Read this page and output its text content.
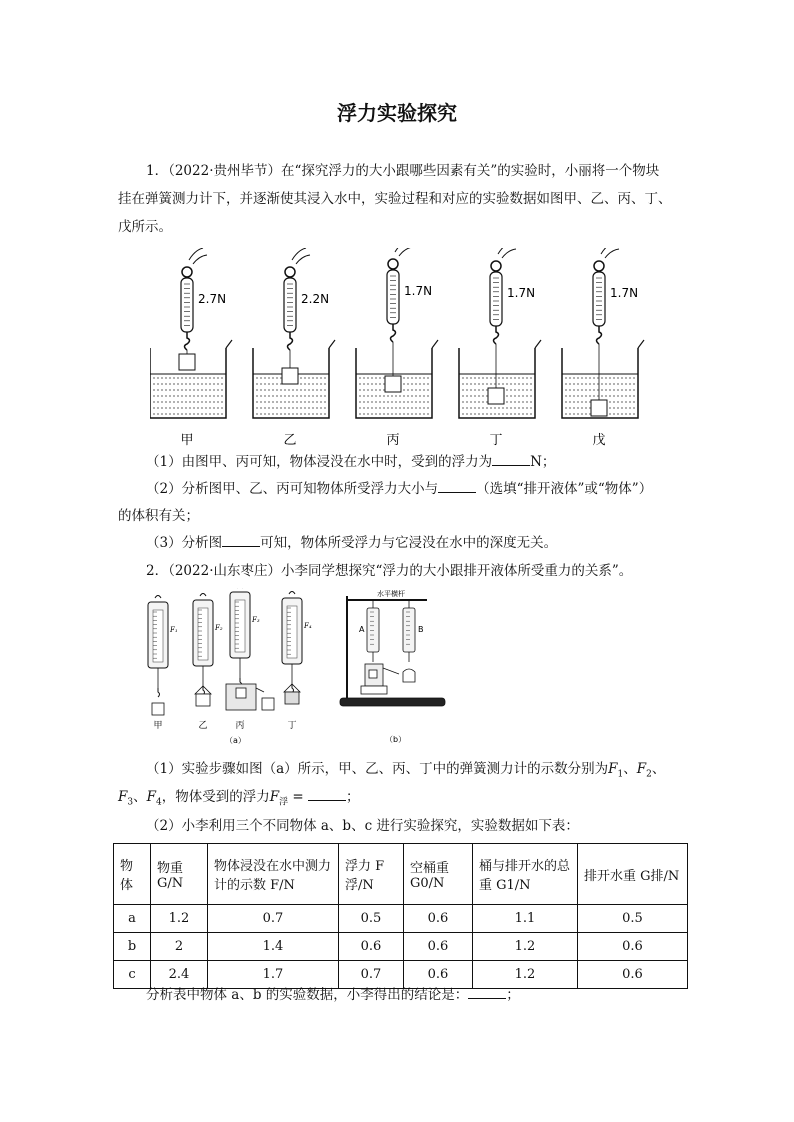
浮力实验探究
1．（2022·贵州毕节）在“探究浮力的大小跟哪些因素有关”的实验时，小丽将一个物块
挂在弹簧测力计下，并逐渐使其浸入水中，实验过程和对应的实验数据如图甲、乙、丙、丁、
戊所示。
2.7N
甲
2.2N
乙
1.7N
丙
1.7N
丁
1.7N
戊
（1）由图甲、丙可知，物体浸没在水中时，受到的浮力为	N；
（2）分析图甲、乙、丙可知物体所受浮力大小与	（选填“排开液体”或“物体”）
的体积有关；
（3）分析图	可知，物体所受浮力与它浸没在水中的深度无关。
2．（2022·山东枣庄）小李同学想探究“浮力的大小跟排开液体所受重力的关系”。
F₁
甲
F₂
乙
F₃
丙
F₄
丁
（a）
水平横杆
A	B
（b）
（1）实验步骤如图（a）所示，甲、乙、丙、丁中的弹簧测力计的示数分别为$F_1$、$F_2$、
$F_3$、$F_4$，物体受到的浮力$F_浮$ =	；
（2）小李利用三个不同物体 a、b、c 进行实验探究，实验数据如下表：
物体	物重 G/N	物体浸没在水中测力计的示数 F/N	浮力 F浮/N	空桶重 G0/N	桶与排开水的总重 G1/N	排开水重 G排/N
a	1.2	0.7	0.5	0.6	1.1	0.5
b	2	1.4	0.6	0.6	1.2	0.6
c	2.4	1.7	0.7	0.6	1.2	0.6
分析表中物体 a、b 的实验数据，小李得出的结论是：	；
